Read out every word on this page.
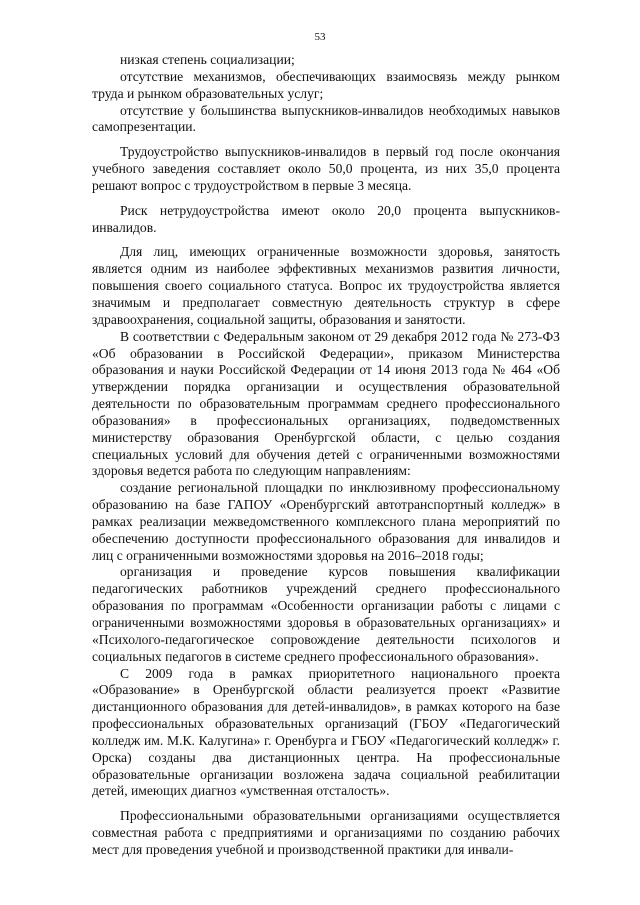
53

низкая степень социализации;

отсутствие механизмов, обеспечивающих взаимосвязь между рынком труда и рынком образовательных услуг;

отсутствие у большинства выпускников-инвалидов необходимых навыков самопрезентации.

Трудоустройство выпускников-инвалидов в первый год после окончания учебного заведения составляет около 50,0 процента, из них 35,0 процента решают вопрос с трудоустройством в первые 3 месяца.

Риск нетрудоустройства имеют около 20,0 процента выпускников-инвалидов.

Для лиц, имеющих ограниченные возможности здоровья, занятость является одним из наиболее эффективных механизмов развития личности, повышения своего социального статуса. Вопрос их трудоустройства является значимым и предполагает совместную деятельность структур в сфере здравоохранения, социальной защиты, образования и занятости.

В соответствии с Федеральным законом от 29 декабря 2012 года № 273-ФЗ «Об образовании в Российской Федерации», приказом Министерства образования и науки Российской Федерации от 14 июня 2013 года № 464 «Об утверждении порядка организации и осуществления образовательной деятельности по образовательным программам среднего профессионального образования» в профессиональных организациях, подведомственных министерству образования Оренбургской области, с целью создания специальных условий для обучения детей с ограниченными возможностями здоровья ведется работа по следующим направлениям:

создание региональной площадки по инклюзивному профессиональному образованию на базе ГАПОУ «Оренбургский автотранспортный колледж» в рамках реализации межведомственного комплексного плана мероприятий по обеспечению доступности профессионального образования для инвалидов и лиц с ограниченными возможностями здоровья на 2016–2018 годы;

организация и проведение курсов повышения квалификации педагогических работников учреждений среднего профессионального образования по программам «Особенности организации работы с лицами с ограниченными возможностями здоровья в образовательных организациях» и «Психолого-педагогическое сопровождение деятельности психологов и социальных педагогов в системе среднего профессионального образования».

С 2009 года в рамках приоритетного национального проекта «Образование» в Оренбургской области реализуется проект «Развитие дистанционного образования для детей-инвалидов», в рамках которого на базе профессиональных образовательных организаций (ГБОУ «Педагогический колледж им. М.К. Калугина» г. Оренбурга и ГБОУ «Педагогический колледж» г. Орска) созданы два дистанционных центра. На профессиональные образовательные организации возложена задача социальной реабилитации детей, имеющих диагноз «умственная отсталость».

Профессиональными образовательными организациями осуществляется совместная работа с предприятиями и организациями по созданию рабочих мест для проведения учебной и производственной практики для инвали-
